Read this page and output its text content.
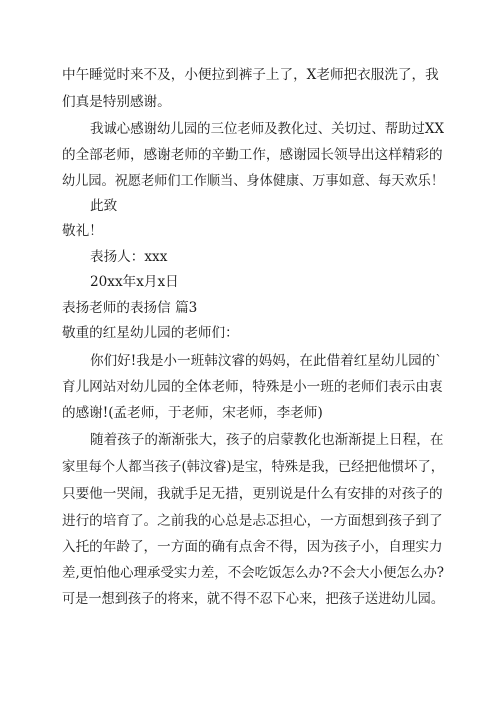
中午睡觉时来不及，小便拉到裤子上了，X老师把衣服洗了，我
们真是特别感谢。
我诚心感谢幼儿园的三位老师及教化过、关切过、帮助过XX
的全部老师，感谢老师的辛勤工作，感谢园长领导出这样精彩的
幼儿园。祝愿老师们工作顺当、身体健康、万事如意、每天欢乐！
此致
敬礼！
表扬人：xxx
20xx年x月x日
表扬老师的表扬信 篇3
敬重的红星幼儿园的老师们：
你们好!我是小一班韩汶睿的妈妈，在此借着红星幼儿园的`
育儿网站对幼儿园的全体老师，特殊是小一班的老师们表示由衷
的感谢!(孟老师，于老师，宋老师，李老师)
随着孩子的渐渐张大，孩子的启蒙教化也渐渐提上日程，在
家里每个人都当孩子(韩汶睿)是宝，特殊是我，已经把他惯坏了，
只要他一哭闹，我就手足无措，更别说是什么有安排的对孩子的
进行的培育了。之前我的心总是忐忑担心，一方面想到孩子到了
入托的年龄了，一方面的确有点舍不得，因为孩子小，自理实力
差,更怕他心理承受实力差，不会吃饭怎么办?不会大小便怎么办?
可是一想到孩子的将来，就不得不忍下心来，把孩子送进幼儿园。
